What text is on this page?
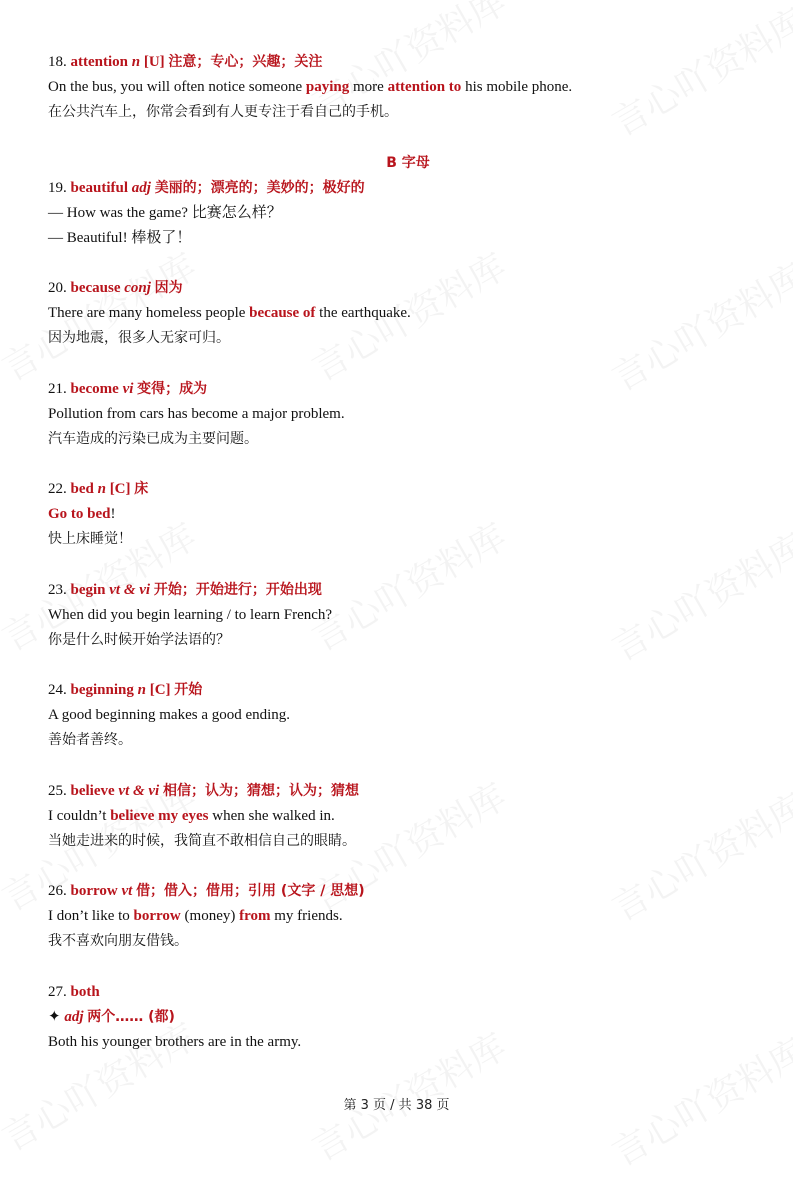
18. attention n [U] 注意；专心；兴趣；关注
On the bus, you will often notice someone paying more attention to his mobile phone.
在公共汽车上，你常会看到有人更专注于看自己的手机。
B 字母
19. beautiful adj 美丽的；漂亮的；美妙的；极好的
— How was the game? 比赛怎么样？
— Beautiful! 棒极了！
20. because conj 因为
There are many homeless people because of the earthquake.
因为地震，很多人无家可归。
21. become vi 变得；成为
Pollution from cars has become a major problem.
汽车造成的污染已成为主要问题。
22. bed n [C] 床
Go to bed!
快上床睡觉！
23. begin vt & vi 开始；开始进行；开始出现
When did you begin learning / to learn French?
你是什么时候开始学法语的？
24. beginning n [C] 开始
A good beginning makes a good ending.
善始者善终。
25. believe vt & vi 相信；认为；猜想；认为；猜想
I couldn’t believe my eyes when she walked in.
当她走进来的时候，我简直不敢相信自己的眼睛。
26. borrow vt 借；借入；借用；引用 (文字 / 思想)
I don’t like to borrow (money) from my friends.
我不喜欢向朋友借钱。
27. both
✦ adj 两个…… (都)
Both his younger brothers are in the army.
第 3 页 / 共 38 页
